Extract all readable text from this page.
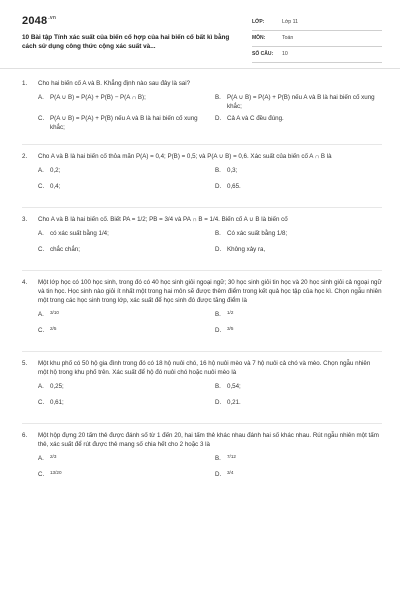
$2048^{.vn}$
10 Bài tập Tính xác suất của biến cố hợp của hai biến cố bất kì bằng cách sử dụng công thức cộng xác suất và...
LỚP:	Lớp 11
MÔN:	Toán
SỐ CÂU:	10
1.	Cho hai biến cố A và B. Khẳng định nào sau đây là sai?
A. P(A ∪ B) = P(A) + P(B) − P(A ∩ B);	B. P(A ∪ B) = P(A) + P(B) nếu A và B là hai biến cố xung khắc;
C. P(A ∪ B) = P(A) + P(B) nếu A và B là hai biến cố xung khắc;
D. Cả A và C đều đúng.
2.	Cho A và B là hai biến cố thỏa mãn P(A) = 0,4; P(B) = 0,5; và P(A ∪ B) = 0,6. Xác suất của biến cố A ∩ B là
A. 0,2;	B. 0,3;
C. 0,4;	D. 0,65.
3.	Cho A và B là hai biến cố. Biết PA = 1/2; PB = 3/4 và PA ∩ B = 1/4. Biến cố A ∪ B là biến cố
A. có xác suất bằng 1/4;	B. Có xác suất bằng 1/8;
C. chắc chắn;	D. Không xảy ra,
4.	Một lớp học có 100 học sinh, trong đó có 40 học sinh giỏi ngoại ngữ; 30 học sinh giỏi tin học và 20 học sinh giỏi cả ngoại ngữ và tin học. Học sinh nào giỏi ít nhất một trong hai môn sẽ được thêm điểm trong kết quả học tập của học kì. Chọn ngẫu nhiên một trong các học sinh trong lớp, xác suất để học sinh đó được tăng điểm là
A.	3/10	B.	1/2
C.	2/5	D.	3/5
5.	Một khu phố có 50 hộ gia đình trong đó có 18 hộ nuôi chó, 16 hộ nuôi mèo và 7 hộ nuôi cả chó và mèo. Chọn ngẫu nhiên một hộ trong khu phố trên. Xác suất để hộ đó nuôi chó hoặc nuôi mèo là
A. 0,25;	B. 0,54;
C. 0,61;	D. 0,21.
6.	Một hộp đựng 20 tấm thẻ được đánh số từ 1 đến 20, hai tấm thẻ khác nhau đánh hai số khác nhau. Rút ngẫu nhiên một tấm thẻ, xác suất để rút được thẻ mang số chia hết cho 2 hoặc 3 là
A.	2/3	B.	7/12
C.	13/20	D.	3/4
